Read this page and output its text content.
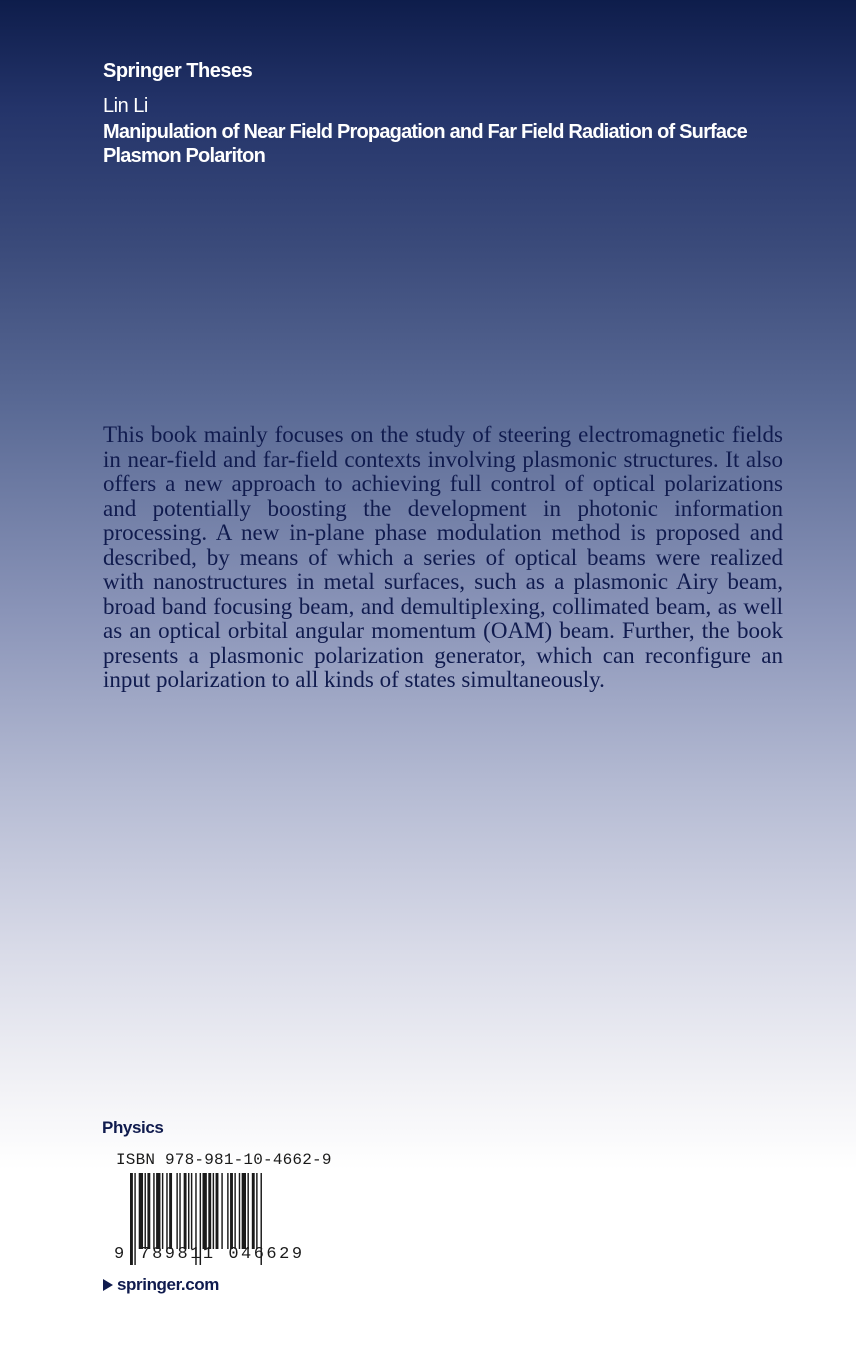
Springer Theses
Lin Li
Manipulation of Near Field Propagation and Far Field Radiation of Surface Plasmon Polariton

This book mainly focuses on the study of steering electromagnetic fields in near-field and far-field contexts involving plasmonic structures. It also offers a new approach to achieving full control of optical polarizations and potentially boosting the development in photonic information processing. A new in-plane phase modulation method is proposed and described, by means of which a series of optical beams were realized with nanostructures in metal surfaces, such as a plasmonic Airy beam, broad band focusing beam, and demultiplexing, collimated beam, as well as an optical orbital angular momentum (OAM) beam. Further, the book presents a plasmonic polarization generator, which can reconfigure an input polarization to all kinds of states simultaneously.

Physics
ISBN 978-981-10-4662-9
9 789811 046629
springer.com
